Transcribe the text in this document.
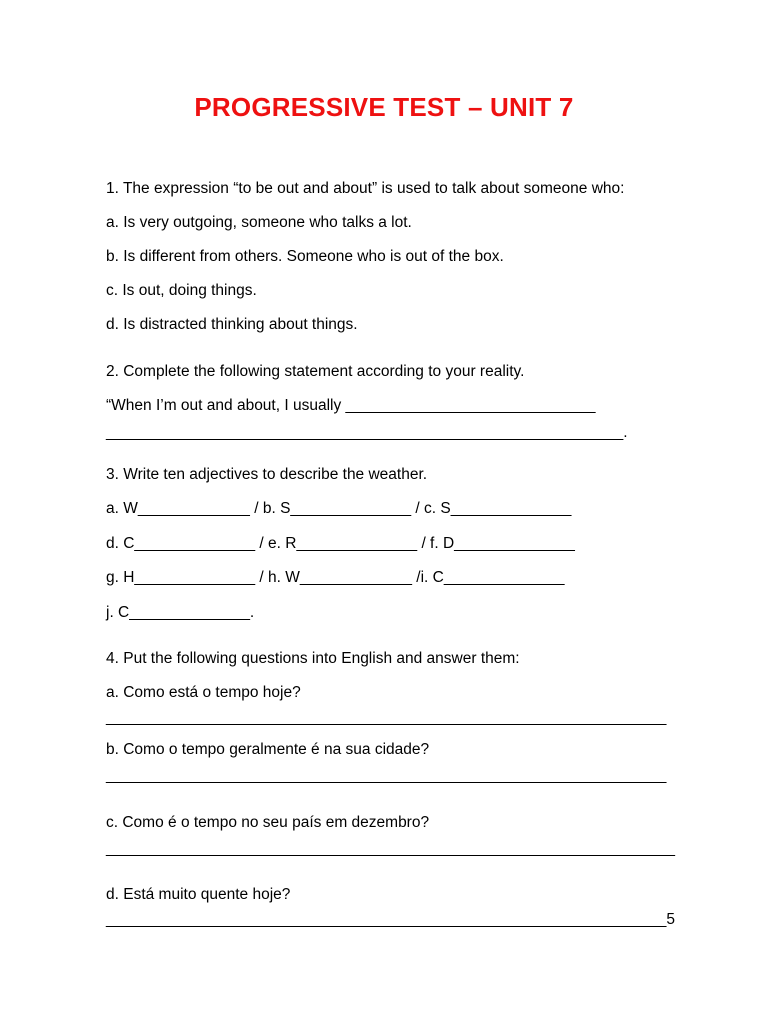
PROGRESSIVE TEST – UNIT 7
1. The expression “to be out and about” is used to talk about someone who:
a. Is very outgoing, someone who talks a lot.
b. Is different from others. Someone who is out of the box.
c. Is out, doing things.
d. Is distracted thinking about things.
2. Complete the following statement according to your reality.
“When I’m out and about, I usually _____________________________
____________________________________________________________.
3. Write ten adjectives to describe the weather.
a. W_____________ / b. S______________ / c. S______________
d. C______________ / e. R______________ / f. D______________
g. H______________ / h. W_____________ /i. C______________
j. C______________.
4. Put the following questions into English and answer them:
a. Como está o tempo hoje?
_________________________________________________________________
b. Como o tempo geralmente é na sua cidade?
_________________________________________________________________
c. Como é o tempo no seu país em dezembro?
__________________________________________________________________
d. Está muito quente hoje?
_________________________________________________________________5
